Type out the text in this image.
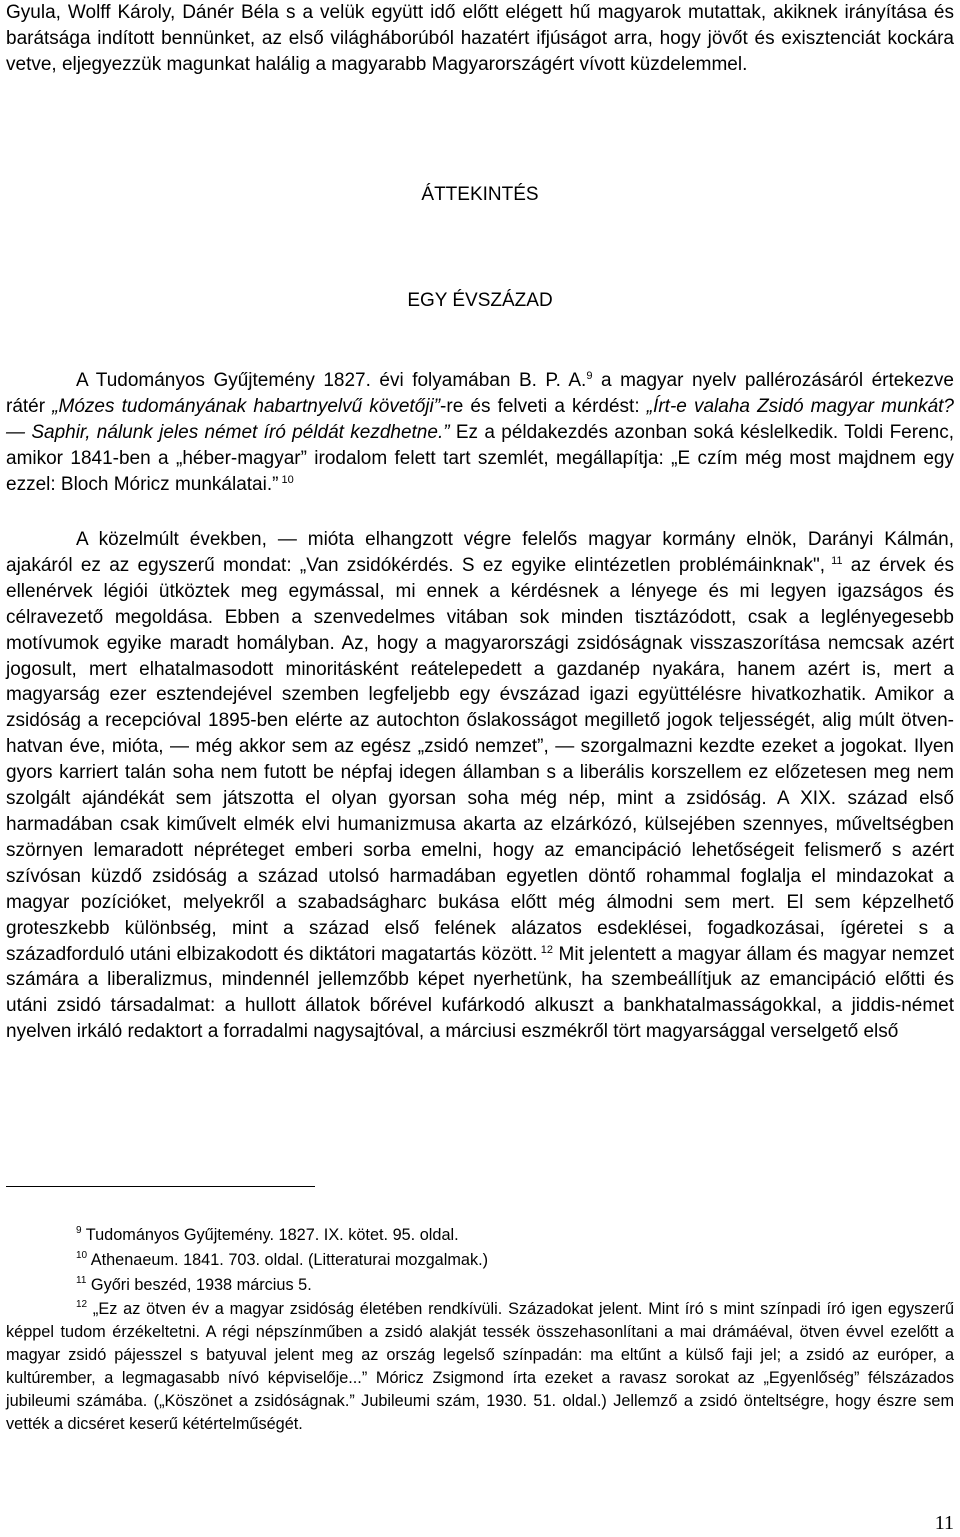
Gyula, Wolff Károly, Dánér Béla s a velük együtt idő előtt elégett hű magyarok mutattak, akiknek irányítása és barátsága indított bennünket, az első világháborúból hazatért ifjúságot arra, hogy jövőt és exisztenciát kockára vetve, eljegyezzük magunkat halálig a magyarabb Magyarországért vívott küzdelemmel.

ÁTTEKINTÉS

EGY ÉVSZÁZAD

A Tudományos Gyűjtemény 1827. évi folyamában B. P. A.$^9$ a magyar nyelv pallérozásáról értekezve rátér „Mózes tudományának habartnyelvű követőji”-re és felveti a kérdést: „Írt-e valaha Zsidó magyar munkát? — Saphir, nálunk jeles német író példát kezdhetne.” Ez a példakezdés azonban soká késlelkedik. Toldi Ferenc, amikor 1841-ben a „héber-magyar” irodalom felett tart szemlét, megállapítja: „E czím még most majdnem egy ezzel: Bloch Móricz munkálatai.” $^{10}$

A közelmúlt években, — mióta elhangzott végre felelős magyar kormány elnök, Darányi Kálmán, ajakáról ez az egyszerű mondat: „Van zsidókérdés. S ez egyike elintézetlen problémáinknak", $^{11}$ az érvek és ellenérvek légiói ütköztek meg egymással, mi ennek a kérdésnek a lényege és mi legyen igazságos és célravezető megoldása. Ebben a szenvedelmes vitában sok minden tisztázódott, csak a leglényegesebb motívumok egyike maradt homályban. Az, hogy a magyarországi zsidóságnak visszaszorítása nemcsak azért jogosult, mert elhatalmasodott minoritásként reátelepedett a gazdanép nyakára, hanem azért is, mert a magyarság ezer esztendejével szemben legfeljebb egy évszázad igazi együttélésre hivatkozhatik. Amikor a zsidóság a recepcióval 1895-ben elérte az autochton őslakosságot megillető jogok teljességét, alig múlt ötven-hatvan éve, mióta, — még akkor sem az egész „zsidó nemzet”, — szorgalmazni kezdte ezeket a jogokat. Ilyen gyors karriert talán soha nem futott be népfaj idegen államban s a liberális korszellem ez előzetesen meg nem szolgált ajándékát sem játszotta el olyan gyorsan soha még nép, mint a zsidóság. A XIX. század első harmadában csak kiművelt elmék elvi humanizmusa akarta az elzárkózó, külsejében szennyes, műveltségben szörnyen lemaradott népréteget emberi sorba emelni, hogy az emancipáció lehetőségeit felismerő s azért szívósan küzdő zsidóság a század utolsó harmadában egyetlen döntő rohammal foglalja el mindazokat a magyar pozícióket, melyekről a szabadságharc bukása előtt még álmodni sem mert. El sem képzelhető groteszkebb különbség, mint a század első felének alázatos esdeklései, fogadkozásai, ígéretei s a századforduló utáni elbizakodott és diktátori magatartás között. $^{12}$ Mit jelentett a magyar állam és magyar nemzet számára a liberalizmus, mindennél jellemzőbb képet nyerhetünk, ha szembeállítjuk az emancipáció előtti és utáni zsidó társadalmat: a hullott állatok bőrével kufárkodó alkuszt a bankhatalmasságokkal, a jiddis-német nyelven irkáló redaktort a forradalmi nagysajtóval, a márciusi eszmékről tört magyarsággal verselgető első

$^9$ Tudományos Gyűjtemény. 1827. IX. kötet. 95. oldal.

$^{10}$ Athenaeum. 1841. 703. oldal. (Litteraturai mozgalmak.)

$^{11}$ Győri beszéd, 1938 március 5.

$^{12}$ „Ez az ötven év a magyar zsidóság életében rendkívüli. Századokat jelent. Mint író s mint színpadi író igen egyszerű képpel tudom érzékeltetni. A régi népszínműben a zsidó alakját tessék összehasonlítani a mai drámáéval, ötven évvel ezelőtt a magyar zsidó pájesszel s batyuval jelent meg az ország legelső színpadán: ma eltűnt a külső faji jel; a zsidó az európer, a kultúrember, a legmagasabb nívó képviselője...” Móricz Zsigmond írta ezeket a ravasz sorokat az „Egyenlőség” félszázados jubileumi számába. („Köszönet a zsidóságnak.” Jubileumi szám, 1930. 51. oldal.) Jellemző a zsidó önteltségre, hogy észre sem vették a dicséret keserű kétértelműségét.

11
